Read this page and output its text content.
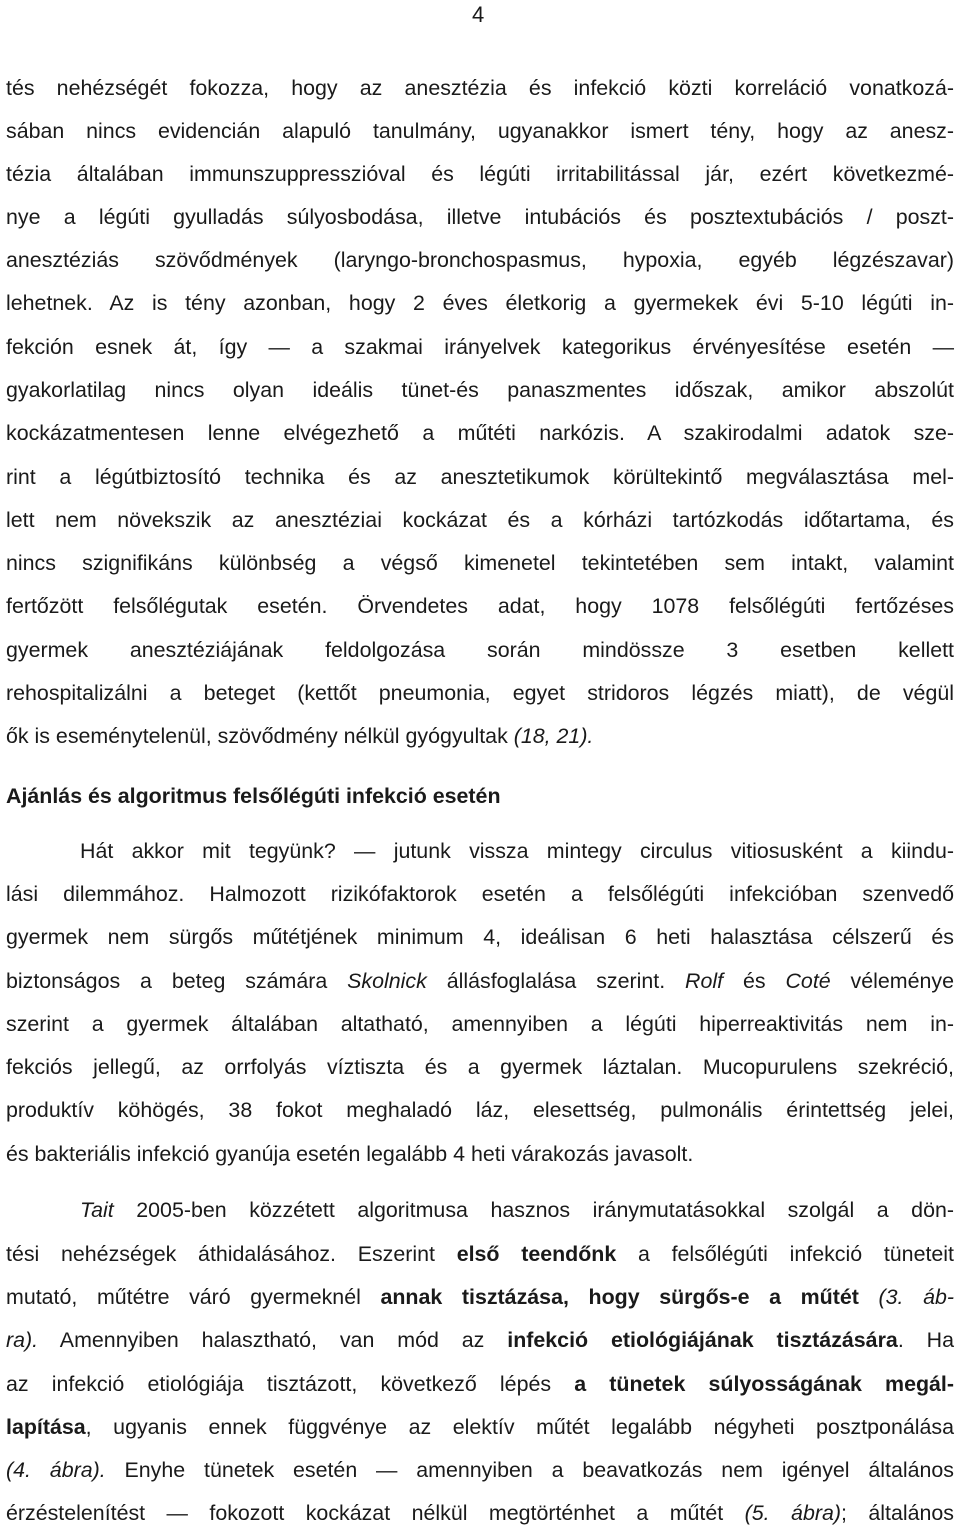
4
tés nehézségét fokozza, hogy az anesztézia és infekció közti korreláció vonatkozá-
sában nincs evidencián alapuló tanulmány, ugyanakkor ismert tény, hogy az anesz-
tézia általában immunszuppresszióval és légúti irritabilitással jár, ezért következmé-
nye a légúti gyulladás súlyosbodása, illetve intubációs és posztextubációs / poszt-
anesztéziás szövődmények (laryngo-bronchospasmus, hypoxia, egyéb légzészavar)
lehetnek. Az is tény azonban, hogy 2 éves életkorig a gyermekek évi 5-10 légúti in-
fekción esnek át, így — a szakmai irányelvek kategorikus érvényesítése esetén —
gyakorlatilag nincs olyan ideális tünet-és panaszmentes időszak, amikor abszolút
kockázatmentesen lenne elvégezhető a műtéti narkózis. A szakirodalmi adatok sze-
rint a légútbiztosító technika és az anesztetikumok körültekintő megválasztása mel-
lett nem növekszik az anesztéziai kockázat és a kórházi tartózkodás időtartama, és
nincs szignifikáns különbség a végső kimenetel tekintetében sem intakt, valamint
fertőzött felsőlégutak esetén. Örvendetes adat, hogy 1078 felsőlégúti fertőzéses
gyermek anesztéziájának feldolgozása során mindössze 3 esetben kellett
rehospitalizálni a beteget (kettőt pneumonia, egyet stridoros légzés miatt), de végül
ők is eseménytelenül, szövődmény nélkül gyógyultak (18, 21).
Ajánlás és algoritmus felsőlégúti infekció esetén
Hát akkor mit tegyünk? — jutunk vissza mintegy circulus vitiosusként a kiindu-
lási dilemmához. Halmozott rizikófaktorok esetén a felsőlégúti infekcióban szenvedő
gyermek nem sürgős műtétjének minimum 4, ideálisan 6 heti halasztása célszerű és
biztonságos a beteg számára Skolnick állásfoglalása szerint. Rolf és Coté véleménye
szerint a gyermek általában altatható, amennyiben a légúti hiperreaktivitás nem in-
fekciós jellegű, az orrfolyás víztiszta és a gyermek láztalan. Mucopurulens szekréció,
produktív köhögés, 38 fokot meghaladó láz, elesettség, pulmonális érintettség jelei,
és bakteriális infekció gyanúja esetén legalább 4 heti várakozás javasolt.
Tait 2005-ben közzétett algoritmusa hasznos iránymutatásokkal szolgál a dön-
tési nehézségek áthidalásához. Eszerint első teendőnk a felsőlégúti infekció tüneteit
mutató, műtétre váró gyermeknél annak tisztázása, hogy sürgős-e a műtét (3. áb-
ra). Amennyiben halasztható, van mód az infekció etiológiájának tisztázására. Ha
az infekció etiológiája tisztázott, következő lépés a tünetek súlyosságának megál-
lapítása, ugyanis ennek függvénye az elektív műtét legalább négyheti posztponálása
(4. ábra). Enyhe tünetek esetén — amennyiben a beavatkozás nem igényel általános
érzéstelenítést — fokozott kockázat nélkül megtörténhet a műtét (5. ábra); általános
